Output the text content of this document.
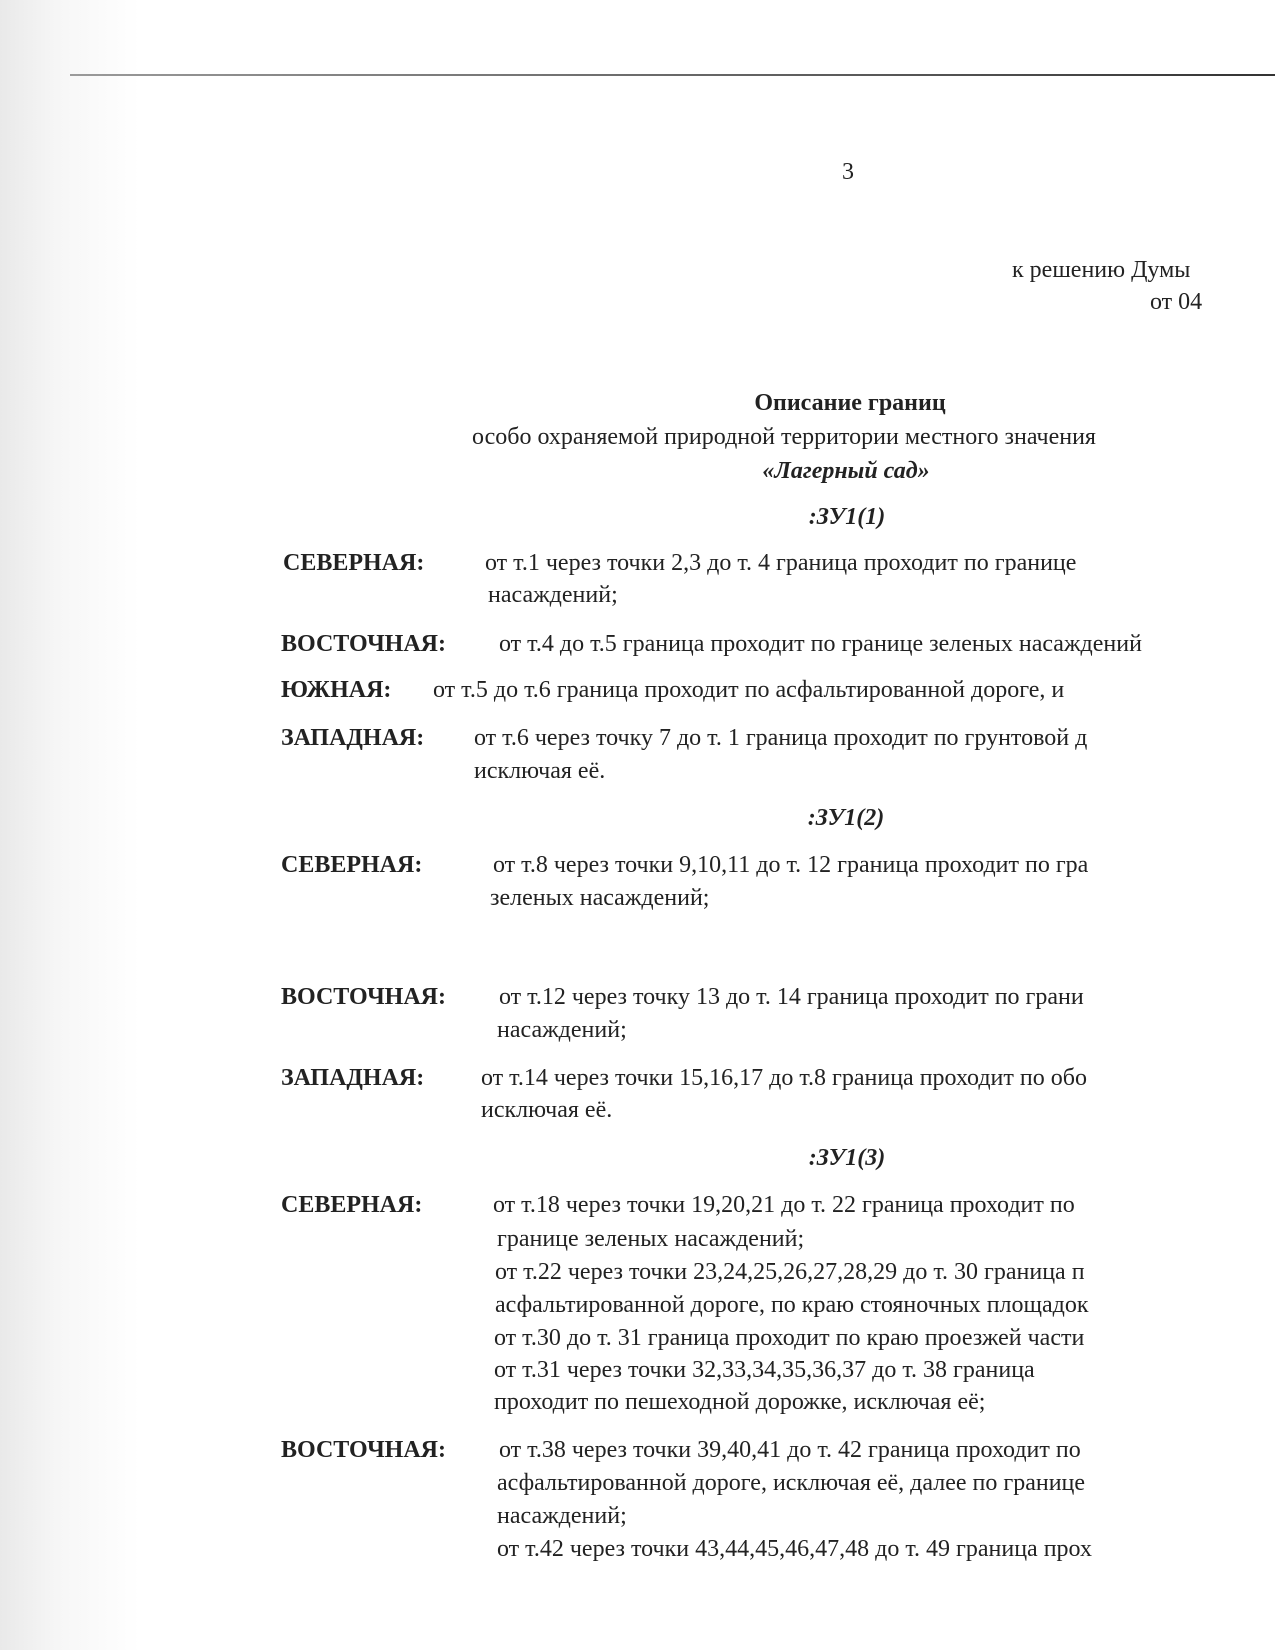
3
к решению Думы
от 04
Описание границ
особо охраняемой природной территории местного значения
«Лагерный сад»
:ЗУ1(1)
СЕВЕРНАЯ:	от т.1 через точки 2,3 до т. 4 граница проходит по границе
насаждений;
ВОСТОЧНАЯ: от т.4 до т.5 граница проходит по границе зеленых насаждений
ЮЖНАЯ: от т.5 до т.6 граница проходит по асфальтированной дороге, и
ЗАПАДНАЯ: от т.6 через точку 7 до т. 1 граница проходит по грунтовой д
исключая её.
:ЗУ1(2)
СЕВЕРНАЯ:	от т.8 через точки 9,10,11 до т. 12 граница проходит по гра
зеленых насаждений;
ВОСТОЧНАЯ: от т.12 через точку 13 до т. 14 граница проходит по грани
насаждений;
ЗАПАДНАЯ: от т.14 через точки 15,16,17 до т.8 граница проходит по обо
исключая её.
:ЗУ1(3)
СЕВЕРНАЯ:	от т.18 через точки 19,20,21 до т. 22 граница проходит по
границе зеленых насаждений;
от т.22 через точки 23,24,25,26,27,28,29 до т. 30 граница п
асфальтированной дороге, по краю стояночных площадок
от т.30 до т. 31 граница проходит по краю проезжей части
от т.31 через точки 32,33,34,35,36,37 до т. 38 граница
проходит по пешеходной дорожке, исключая её;
ВОСТОЧНАЯ: от т.38 через точки 39,40,41 до т. 42 граница проходит по
асфальтированной дороге, исключая её, далее по границе
насаждений;
от т.42 через точки 43,44,45,46,47,48 до т. 49 граница прох
